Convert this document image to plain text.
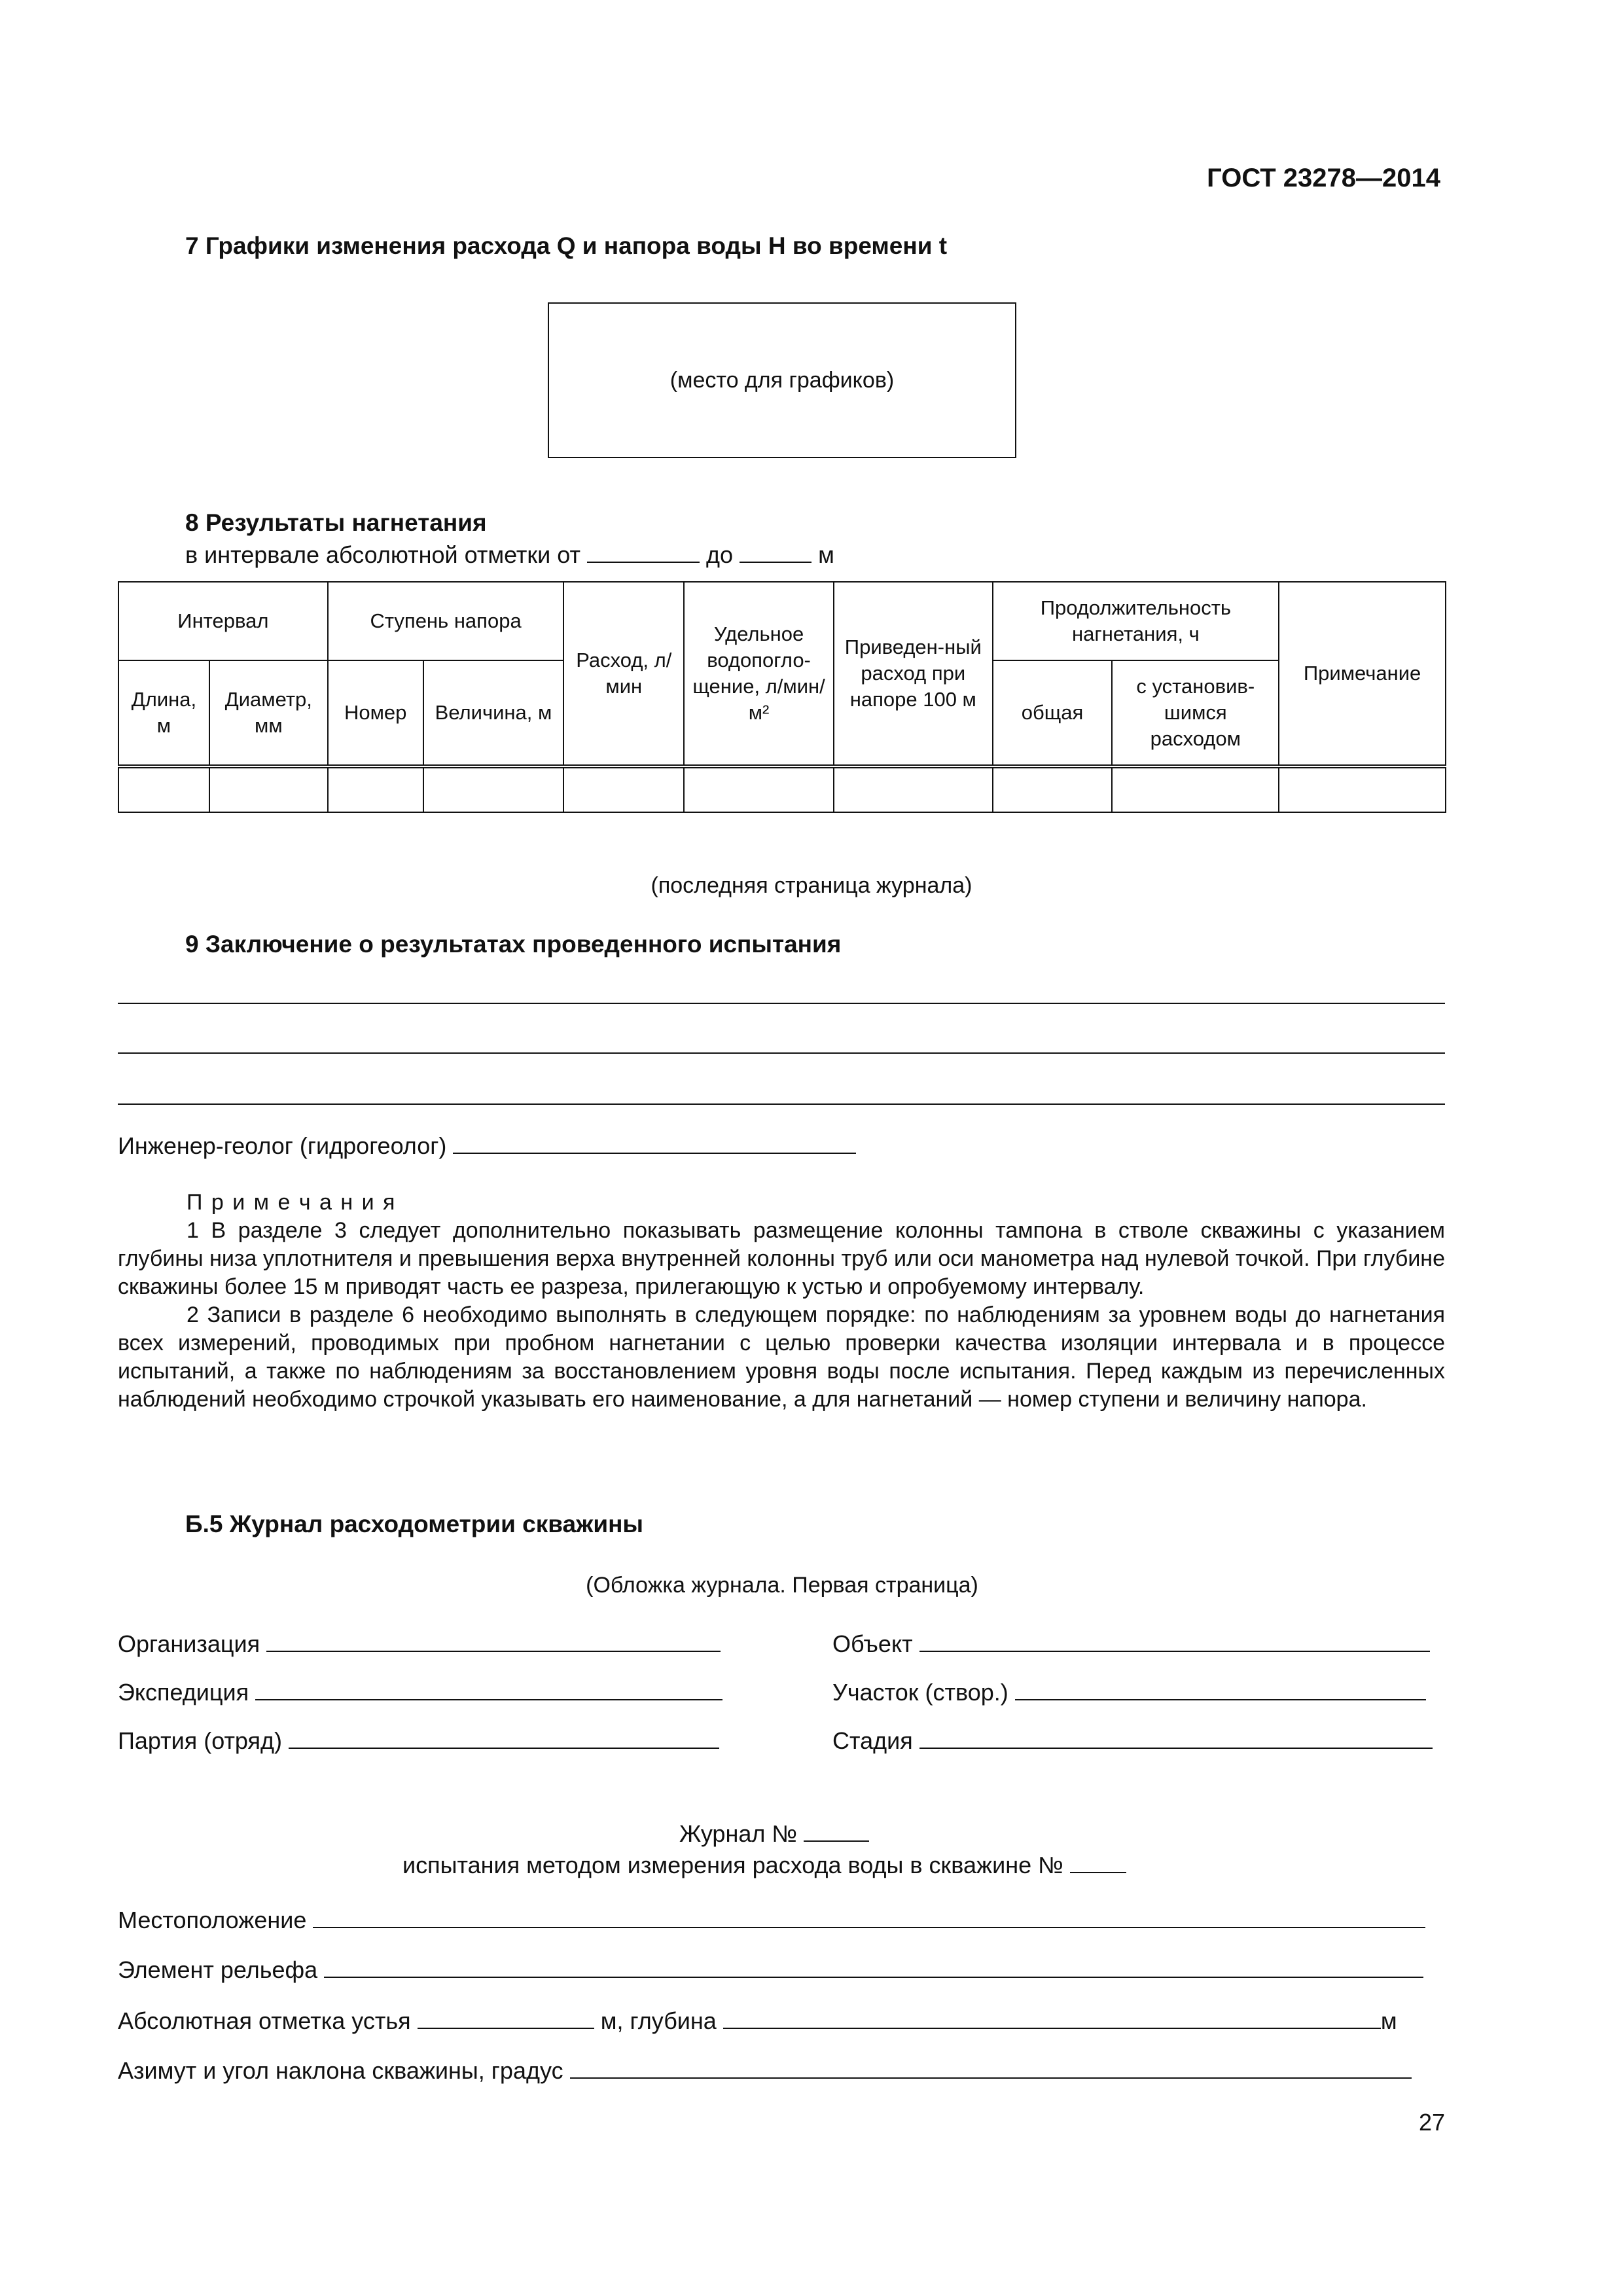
ГОСТ 23278—2014
7 Графики изменения расхода Q и напора воды H во времени t
(место для графиков)
8 Результаты нагнетания
в интервале абсолютной отметки от	до	м
Интервал		Ступень напора		Расход, л/мин	Удельное водопогло-щение, л/мин/м²	Приведен-ный расход при напоре 100 м	Продолжительность нагнетания, ч		Примечание
Длина, м	Диаметр, мм	Номер	Величина, м				общая	с установив-шимся расходом	

(последняя страница журнала)
9 Заключение о результатах проведенного испытания
Инженер-геолог (гидрогеолог)

П р и м е ч а н и я

1 В разделе 3 следует дополнительно показывать размещение колонны тампона в стволе скважины с указанием глубины низа уплотнителя и превышения верха внутренней колонны труб или оси манометра над нулевой точкой. При глубине скважины более 15 м приводят часть ее разреза, прилегающую к устью и опробуемому интервалу.

2 Записи в разделе 6 необходимо выполнять в следующем порядке: по наблюдениям за уровнем воды до нагнетания всех измерений, проводимых при пробном нагнетании с целью проверки качества изоляции интервала и в процессе испытаний, а также по наблюдениям за восстановлением уровня воды после испытания. Перед каждым из перечисленных наблюдений необходимо строчкой указывать его наименование, а для нагнетаний — номер ступени и величину напора.

Б.5 Журнал расходометрии скважины
(Обложка журнала. Первая страница)
Организация	Объект
Экспедиция	Участок (створ.)
Партия (отряд)	Стадия
Журнал №
испытания методом измерения расхода воды в скважине №
Местоположение
Элемент рельефа
Абсолютная отметка устья	м, глубина	м
Азимут и угол наклона скважины, градус
27
